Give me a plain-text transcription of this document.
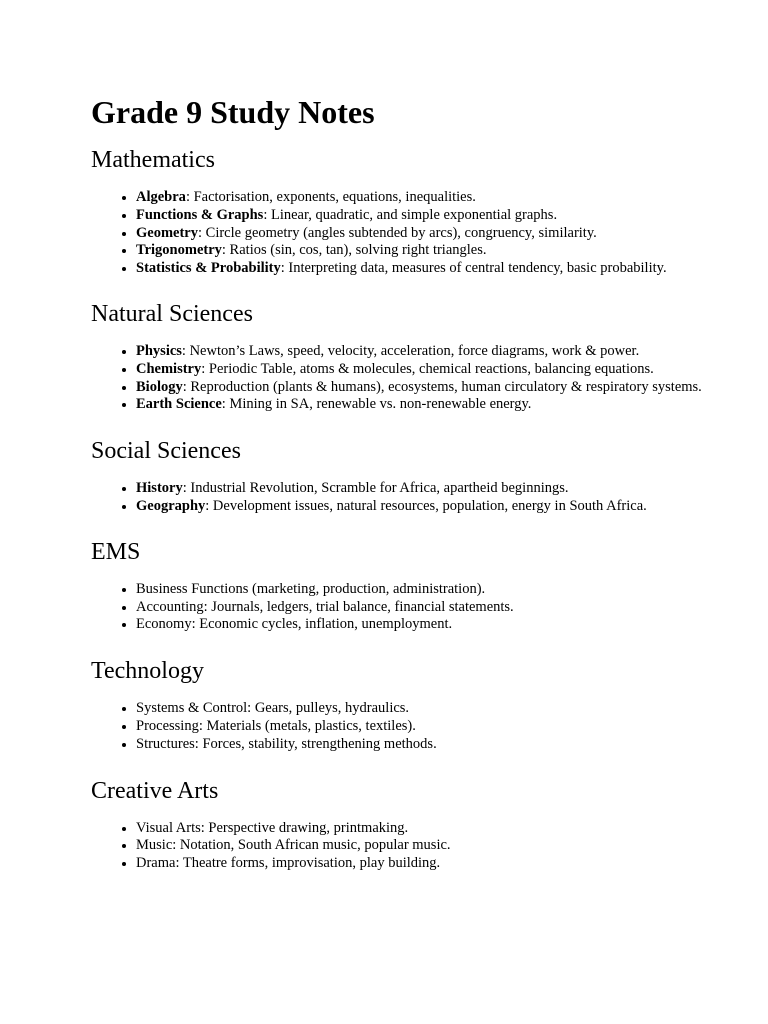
Grade 9 Study Notes
Mathematics
• Algebra: Factorisation, exponents, equations, inequalities.
• Functions & Graphs: Linear, quadratic, and simple exponential graphs.
• Geometry: Circle geometry (angles subtended by arcs), congruency, similarity.
• Trigonometry: Ratios (sin, cos, tan), solving right triangles.
• Statistics & Probability: Interpreting data, measures of central tendency, basic probability.
Natural Sciences
• Physics: Newton’s Laws, speed, velocity, acceleration, force diagrams, work & power.
• Chemistry: Periodic Table, atoms & molecules, chemical reactions, balancing equations.
• Biology: Reproduction (plants & humans), ecosystems, human circulatory & respiratory systems.
• Earth Science: Mining in SA, renewable vs. non-renewable energy.
Social Sciences
• History: Industrial Revolution, Scramble for Africa, apartheid beginnings.
• Geography: Development issues, natural resources, population, energy in South Africa.
EMS
• Business Functions (marketing, production, administration).
• Accounting: Journals, ledgers, trial balance, financial statements.
• Economy: Economic cycles, inflation, unemployment.
Technology
• Systems & Control: Gears, pulleys, hydraulics.
• Processing: Materials (metals, plastics, textiles).
• Structures: Forces, stability, strengthening methods.
Creative Arts
• Visual Arts: Perspective drawing, printmaking.
• Music: Notation, South African music, popular music.
• Drama: Theatre forms, improvisation, play building.
